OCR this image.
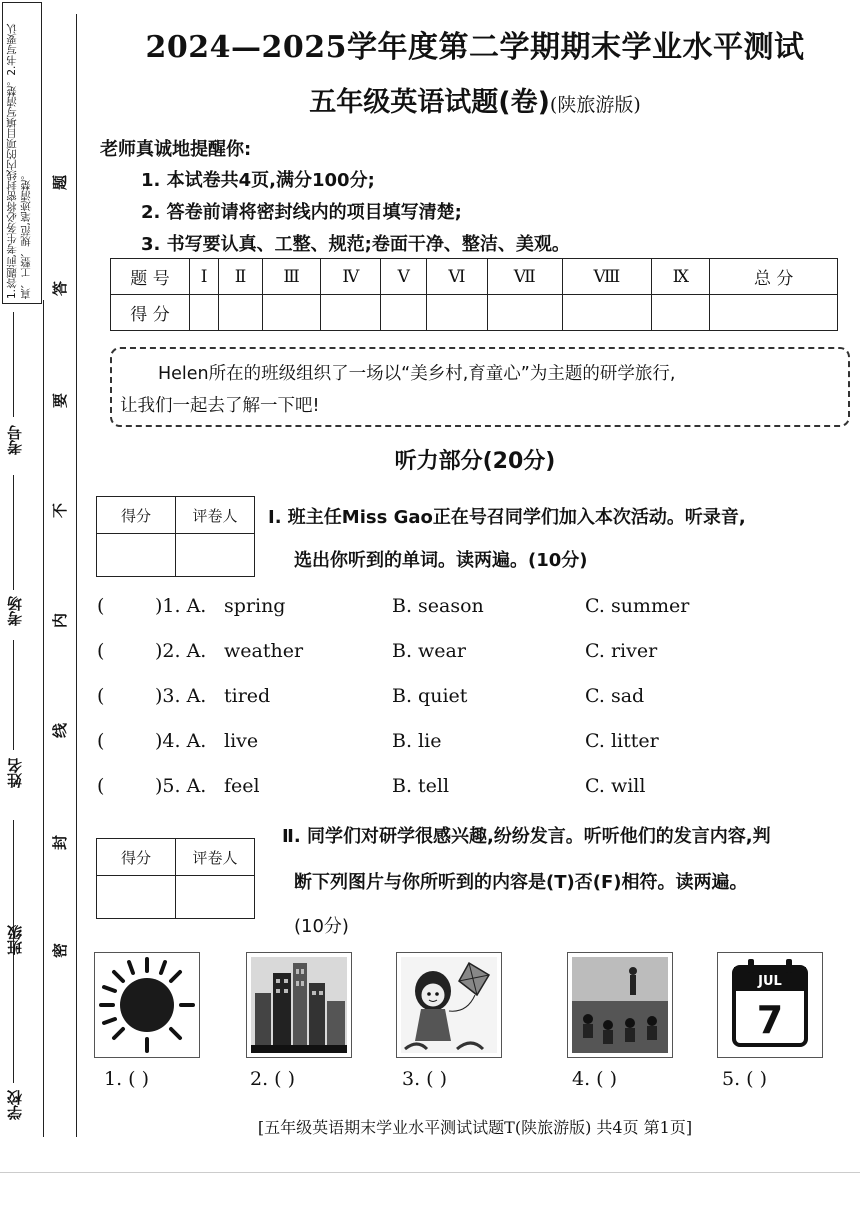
1.答题前,考生务必将密封线内的项目填写清楚。2.书写要认真、工整、规范,笔迹清楚。
学校
班级
姓名
考场
考号
题
答
要
不
内
线
封
密
2024—2025学年度第二学期期末学业水平测试
五年级英语试题(卷)(陕旅游版)
老师真诚地提醒你:
1. 本试卷共4页,满分100分;
2. 答卷前请将密封线内的项目填写清楚;
3. 书写要认真、工整、规范;卷面干净、整洁、美观。
题 号	I	Ⅱ	Ⅲ	Ⅳ	V	Ⅵ	Ⅶ	Ⅷ	Ⅸ	总 分
得 分										

Helen所在的班级组织了一场以“美乡村,育童心”为主题的研学旅行,

让我们一起去了解一下吧!

听力部分(20分)
得分	评卷人
	I. 班主任Miss Gao正在号召同学们加入本次活动。听录音,
选出你听到的单词。读两遍。(10分)
(	)1. A. spring	B. season	C. summer
(	)2. A. weather	B. wear	C. river
(	)3. A. tired	B. quiet	C. sad
(	)4. A. live	B. lie	C. litter
(	)5. A. feel	B. tell	C. will
得分	评卷人

Ⅱ. 同学们对研学很感兴趣,纷纷发言。听听他们的发言内容,判
断下列图片与你所听到的内容是(T)否(F)相符。读两遍。
(10分)
JUL
7
1. ( )	2. ( )	3. ( )	4. ( )	5. ( )
[五年级英语期末学业水平测试试题T(陕旅游版) 共4页 第1页]
